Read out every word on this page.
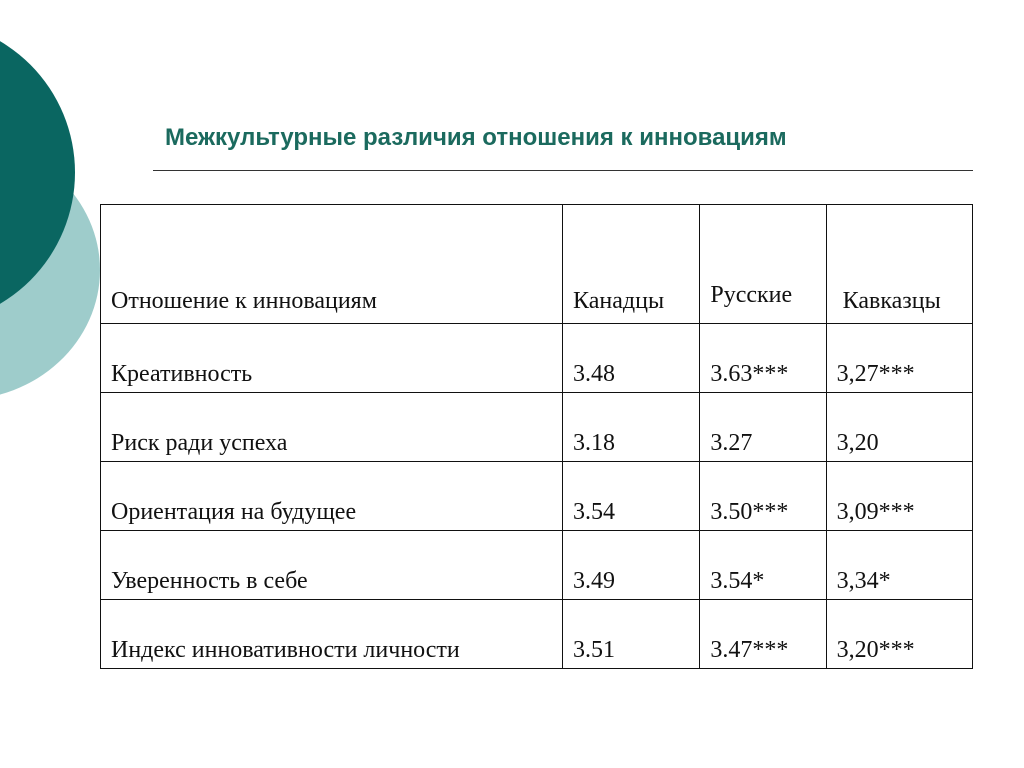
Межкультурные различия отношения к инновациям
Отношение к инновациям	Канадцы	Русские	Кавказцы
Креативность	3.48	3.63***	3,27***
Риск ради успеха	3.18	3.27	3,20
Ориентация на будущее	3.54	3.50***	3,09***
Уверенность в себе	3.49	3.54*	3,34*
Индекс инновативности личности	3.51	3.47***	3,20***
